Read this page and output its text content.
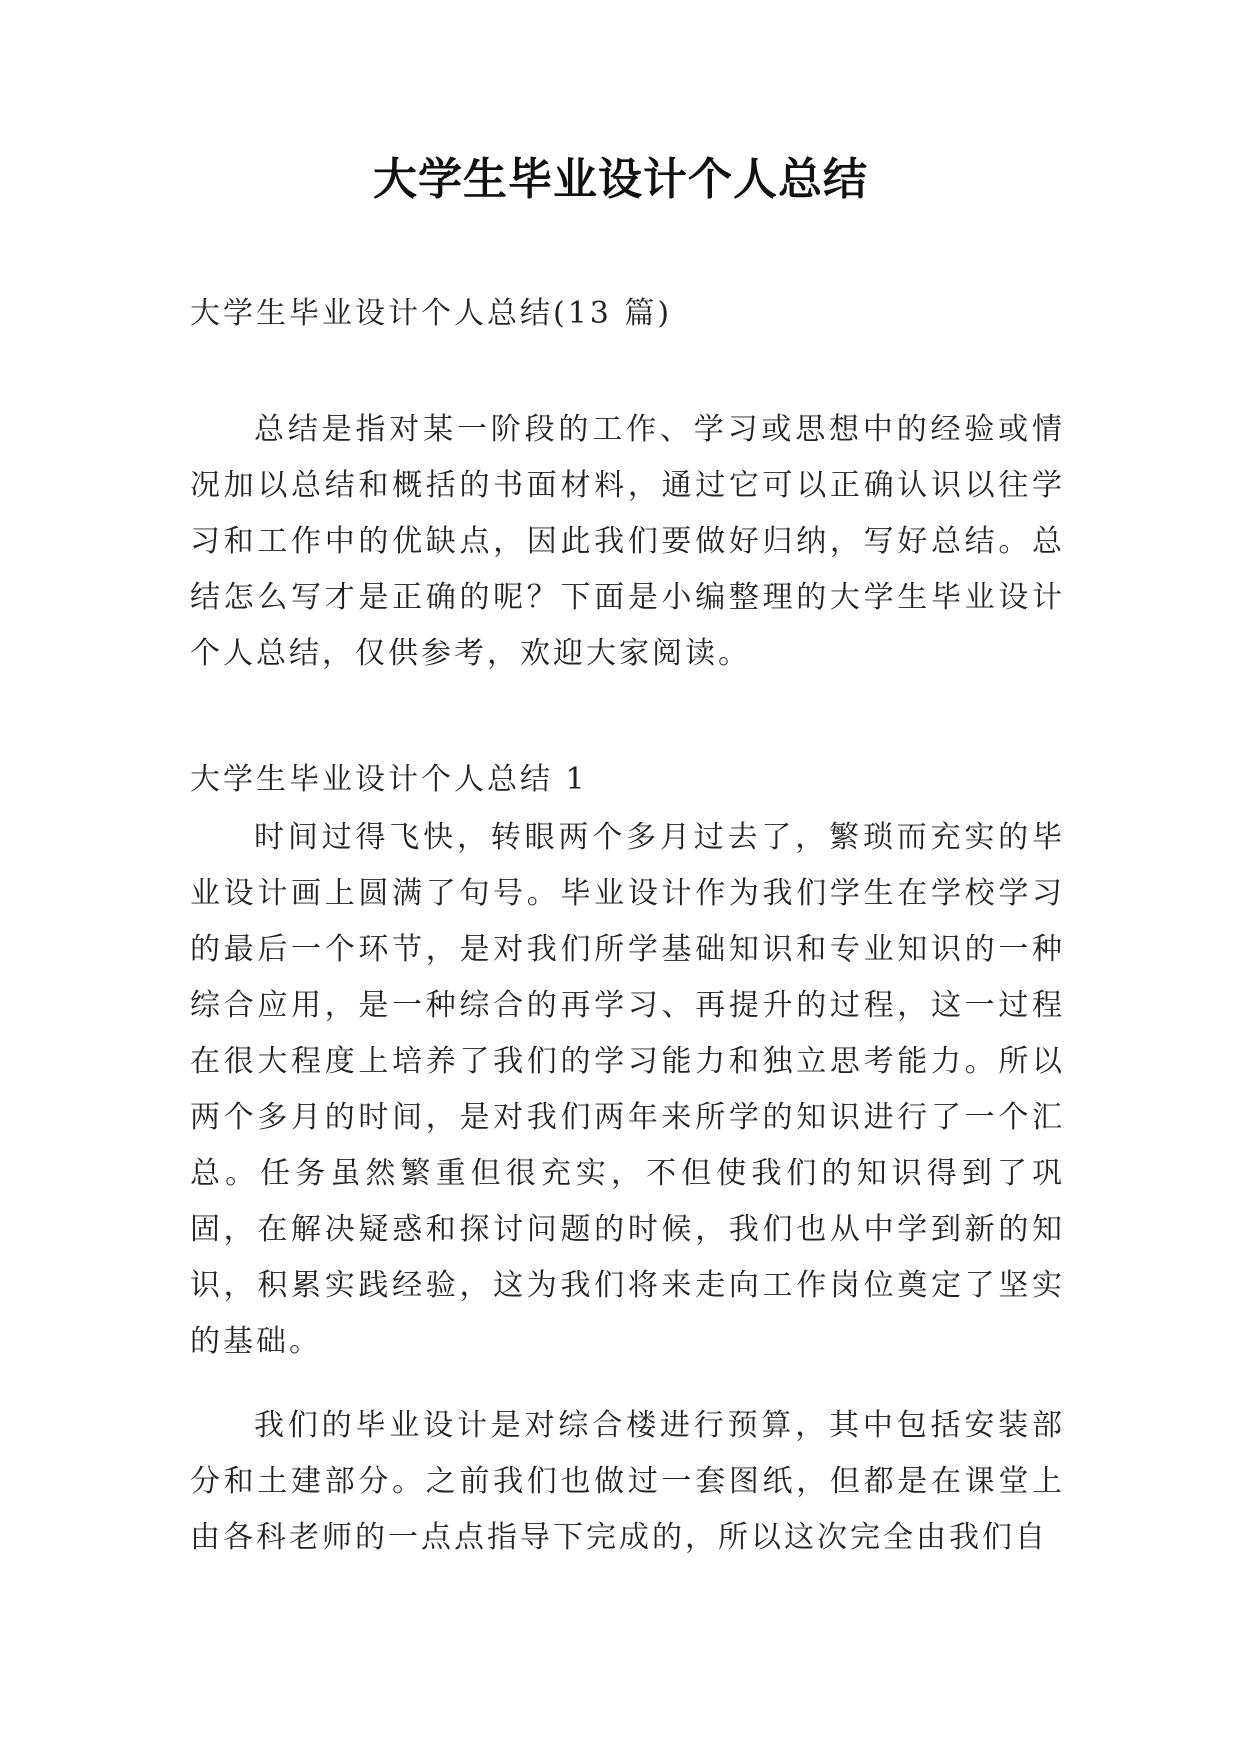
大学生毕业设计个人总结
大学生毕业设计个人总结(13 篇)
总结是指对某一阶段的工作、学习或思想中的经验或情况加以总结和概括的书面材料，通过它可以正确认识以往学习和工作中的优缺点，因此我们要做好归纳，写好总结。总结怎么写才是正确的呢？下面是小编整理的大学生毕业设计个人总结，仅供参考，欢迎大家阅读。
大学生毕业设计个人总结 1
时间过得飞快，转眼两个多月过去了，繁琐而充实的毕业设计画上圆满了句号。毕业设计作为我们学生在学校学习的最后一个环节，是对我们所学基础知识和专业知识的一种综合应用，是一种综合的再学习、再提升的过程，这一过程在很大程度上培养了我们的学习能力和独立思考能力。所以两个多月的时间，是对我们两年来所学的知识进行了一个汇总。任务虽然繁重但很充实，不但使我们的知识得到了巩固，在解决疑惑和探讨问题的时候，我们也从中学到新的知识，积累实践经验，这为我们将来走向工作岗位奠定了坚实的基础。
我们的毕业设计是对综合楼进行预算，其中包括安装部分和土建部分。之前我们也做过一套图纸，但都是在课堂上由各科老师的一点点指导下完成的，所以这次完全由我们自
